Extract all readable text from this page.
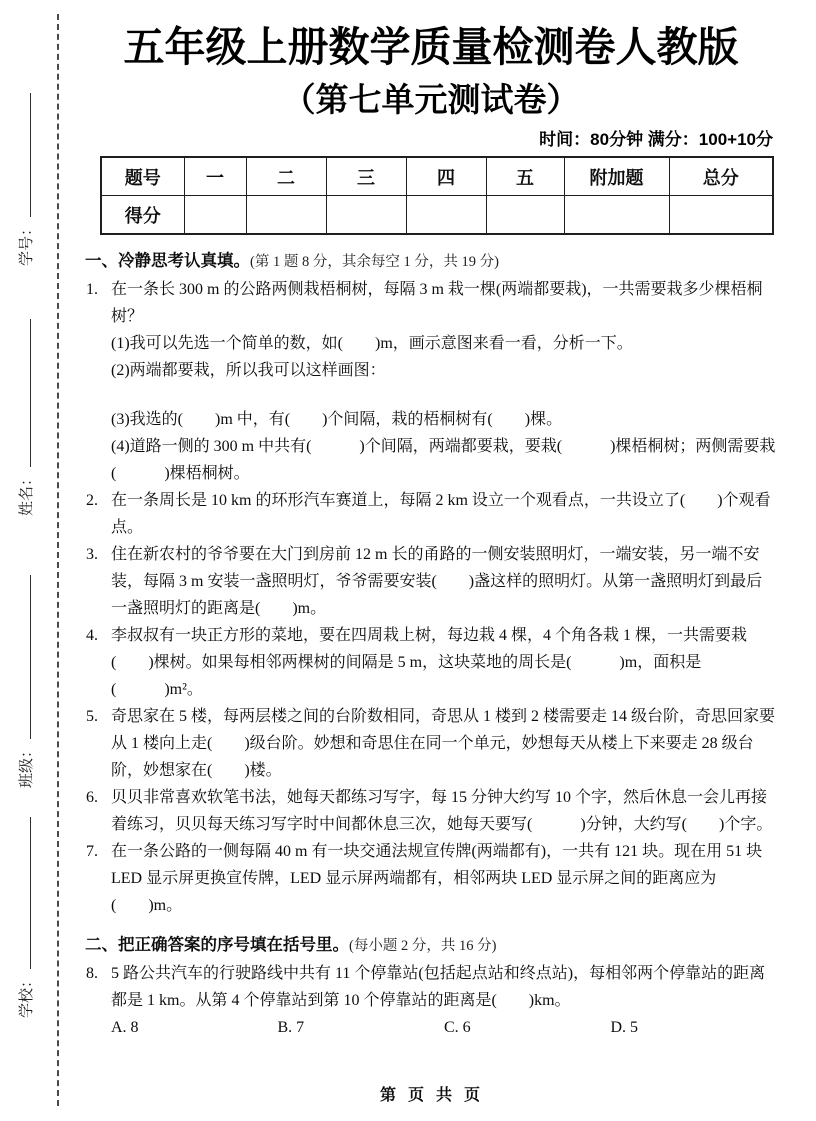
学号：
姓名：
班级：
学校：
五年级上册数学质量检测卷人教版
（第七单元测试卷）
时间：80分钟 满分：100+10分
题号	一	二	三	四	五	附加题	总分
得分							
一、冷静思考认真填。(第 1 题 8 分，其余每空 1 分，共 19 分)
1. 在一条长 300 m 的公路两侧栽梧桐树，每隔 3 m 栽一棵(两端都要栽)，一共需要栽多少棵梧桐树？
(1)我可以先选一个简单的数，如(　　)m，画示意图来看一看，分析一下。
(2)两端都要栽，所以我可以这样画图：
(3)我选的(　　)m 中，有(　　)个间隔，栽的梧桐树有(　　)棵。
(4)道路一侧的 300 m 中共有(　　　)个间隔，两端都要栽，要栽(　　　)棵梧桐树；两侧需要栽(　　　)棵梧桐树。
2. 在一条周长是 10 km 的环形汽车赛道上，每隔 2 km 设立一个观看点，一共设立了(　　)个观看点。
3. 住在新农村的爷爷要在大门到房前 12 m 长的甬路的一侧安装照明灯，一端安装，另一端不安装，每隔 3 m 安装一盏照明灯，爷爷需要安装(　　)盏这样的照明灯。从第一盏照明灯到最后一盏照明灯的距离是(　　)m。
4. 李叔叔有一块正方形的菜地，要在四周栽上树，每边栽 4 棵，4 个角各栽 1 棵，一共需要栽(　　)棵树。如果每相邻两棵树的间隔是 5 m，这块菜地的周长是(　　　)m，面积是(　　　)m²。
5. 奇思家在 5 楼，每两层楼之间的台阶数相同，奇思从 1 楼到 2 楼需要走 14 级台阶，奇思回家要从 1 楼向上走(　　)级台阶。妙想和奇思住在同一个单元，妙想每天从楼上下来要走 28 级台阶，妙想家在(　　)楼。
6. 贝贝非常喜欢软笔书法，她每天都练习写字，每 15 分钟大约写 10 个字，然后休息一会儿再接着练习，贝贝每天练习写字时中间都休息三次，她每天要写(　　　)分钟，大约写(　　)个字。
7. 在一条公路的一侧每隔 40 m 有一块交通法规宣传牌(两端都有)，一共有 121 块。现在用 51 块 LED 显示屏更换宣传牌，LED 显示屏两端都有，相邻两块 LED 显示屏之间的距离应为(　　)m。
二、把正确答案的序号填在括号里。(每小题 2 分，共 16 分)
8. 5 路公共汽车的行驶路线中共有 11 个停靠站(包括起点站和终点站)，每相邻两个停靠站的距离都是 1 km。从第 4 个停靠站到第 10 个停靠站的距离是(　　)km。
A. 8	B. 7	C. 6	D. 5
第 页 共 页
